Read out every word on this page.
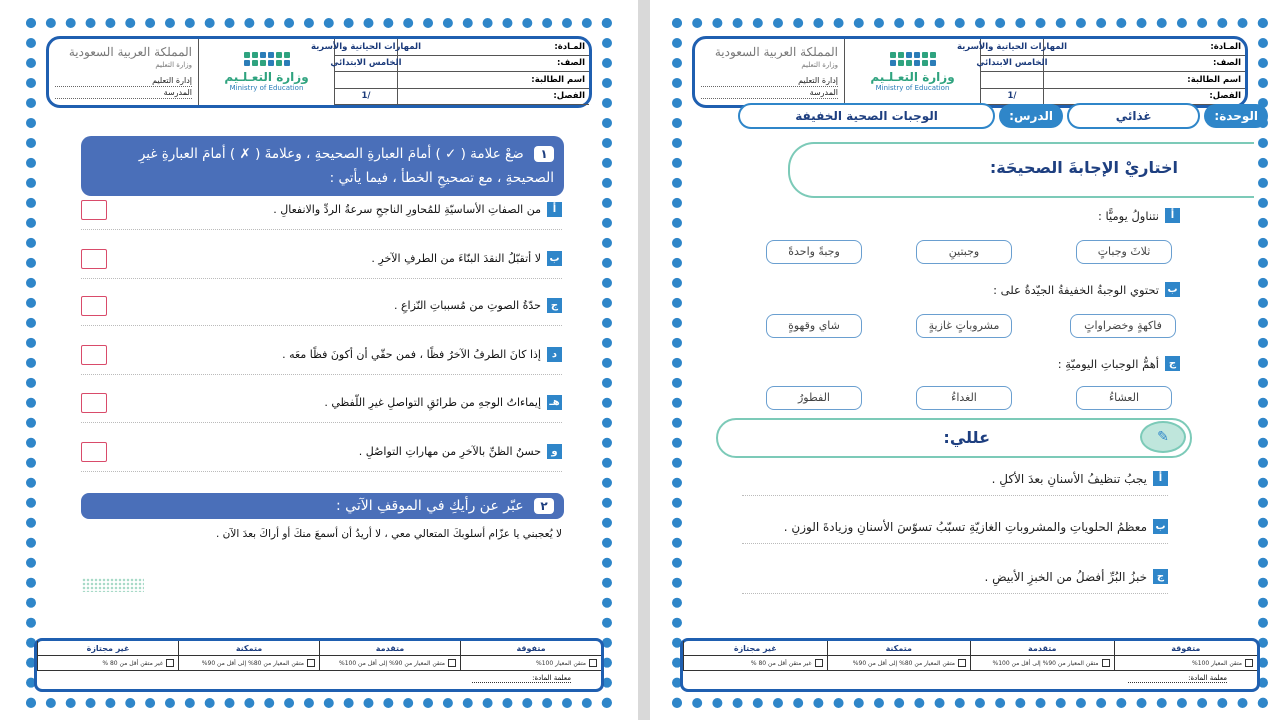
المملكة العربية السعودية
وزارة التعليم
إدارة التعليم
المدرسة
وزارة التعـلـيم
Ministry of Education
المـادة:
المهارات الحياتية والأسرية
الصف:
الخامس الابتدائي
اسم الطالبة:
الفصل:
/1
١ ضعْ علامة ( ✓ ) أمامَ العبارةِ الصحيحةِ ، وعلامةَ ( ✗ ) أمامَ العبارةِ غيرِ الصحيحةِ ، مع تصحيحِ الخطأ ، فيما يأتي :
أ
من الصفاتِ الأساسيّةِ للمُحاورِ الناجحِ سرعةُ الردِّ والانفعالِ .
ب
لا أتقبّلُ النقدَ البنّاءَ من الطرفِ الآخرِ .
ج
حدّةُ الصوتِ من مُسبباتِ النّزاعِ .
د
إذا كانَ الطرفُ الآخرُ فظًا ، فمن حقّي أن أكونَ فظًا معَه .
هـ
إيماءاتُ الوجهِ من طرائقِ التواصلِ غيرِ اللّفظي .
و
حسنُ الظنِّ بالآخرِ من مهاراتِ التواصُلِ .
٢ عبّر عن رأيكِ في الموقفِ الآتي :
لا يُعجبني يا عزّام أسلوبكَ المتعالي معي ، لا أريدُ أن أسمعَ منكَ أو أراكَ بعدَ الآن .
متفوقة
متقدمة
متمكنة
غير مجتازة
متقن المعيار 100%
متقن المعيار من 90% إلى أقل من 100%
متقن المعيار من 80% إلى أقل من 90%
غير متقن أقل من 80 %
معلمة المادة:
المملكة العربية السعودية
وزارة التعليم
إدارة التعليم
المدرسة
وزارة التعـلـيم
Ministry of Education
المـادة:
المهارات الحياتية والأسرية
الصف:
الخامس الابتدائي
اسم الطالبة:
الفصل:
/1
الوحدة:
غذائي
الدرس:
الوجبات الصحية الخفيفة
اختاريْ الإجابةَ الصحيحَة:
أ
نتناولُ يوميًّا :
ثلاثَ وجباتٍ
وجبتينِ
وجبةً واحدةً
ب
تحتوي الوجبةُ الخفيفةُ الجيّدةُ على :
فاكهةٍ وخضراواتٍ
مشروباتٍ غازيةٍ
شاي وقهوةٍ
ج
أهمُّ الوجباتِ اليوميّةِ :
العشاءُ
الغداءُ
الفطورُ
عللي:	✎
أ
يجبُ تنظيفُ الأسنانِ بعدَ الأكلِ .
ب
معظمُ الحلوياتِ والمشروباتِ الغازيّةِ تسبّبُ تسوّسَ الأسنانِ وزيادةَ الوزنِ .
ج
خبزُ البُرِّ أفضلُ من الخبزِ الأبيضِ .
متفوقة
متقدمة
متمكنة
غير مجتازة
متقن المعيار 100%
متقن المعيار من 90% إلى أقل من 100%
متقن المعيار من 80% إلى أقل من 90%
غير متقن أقل من 80 %
معلمة المادة:
